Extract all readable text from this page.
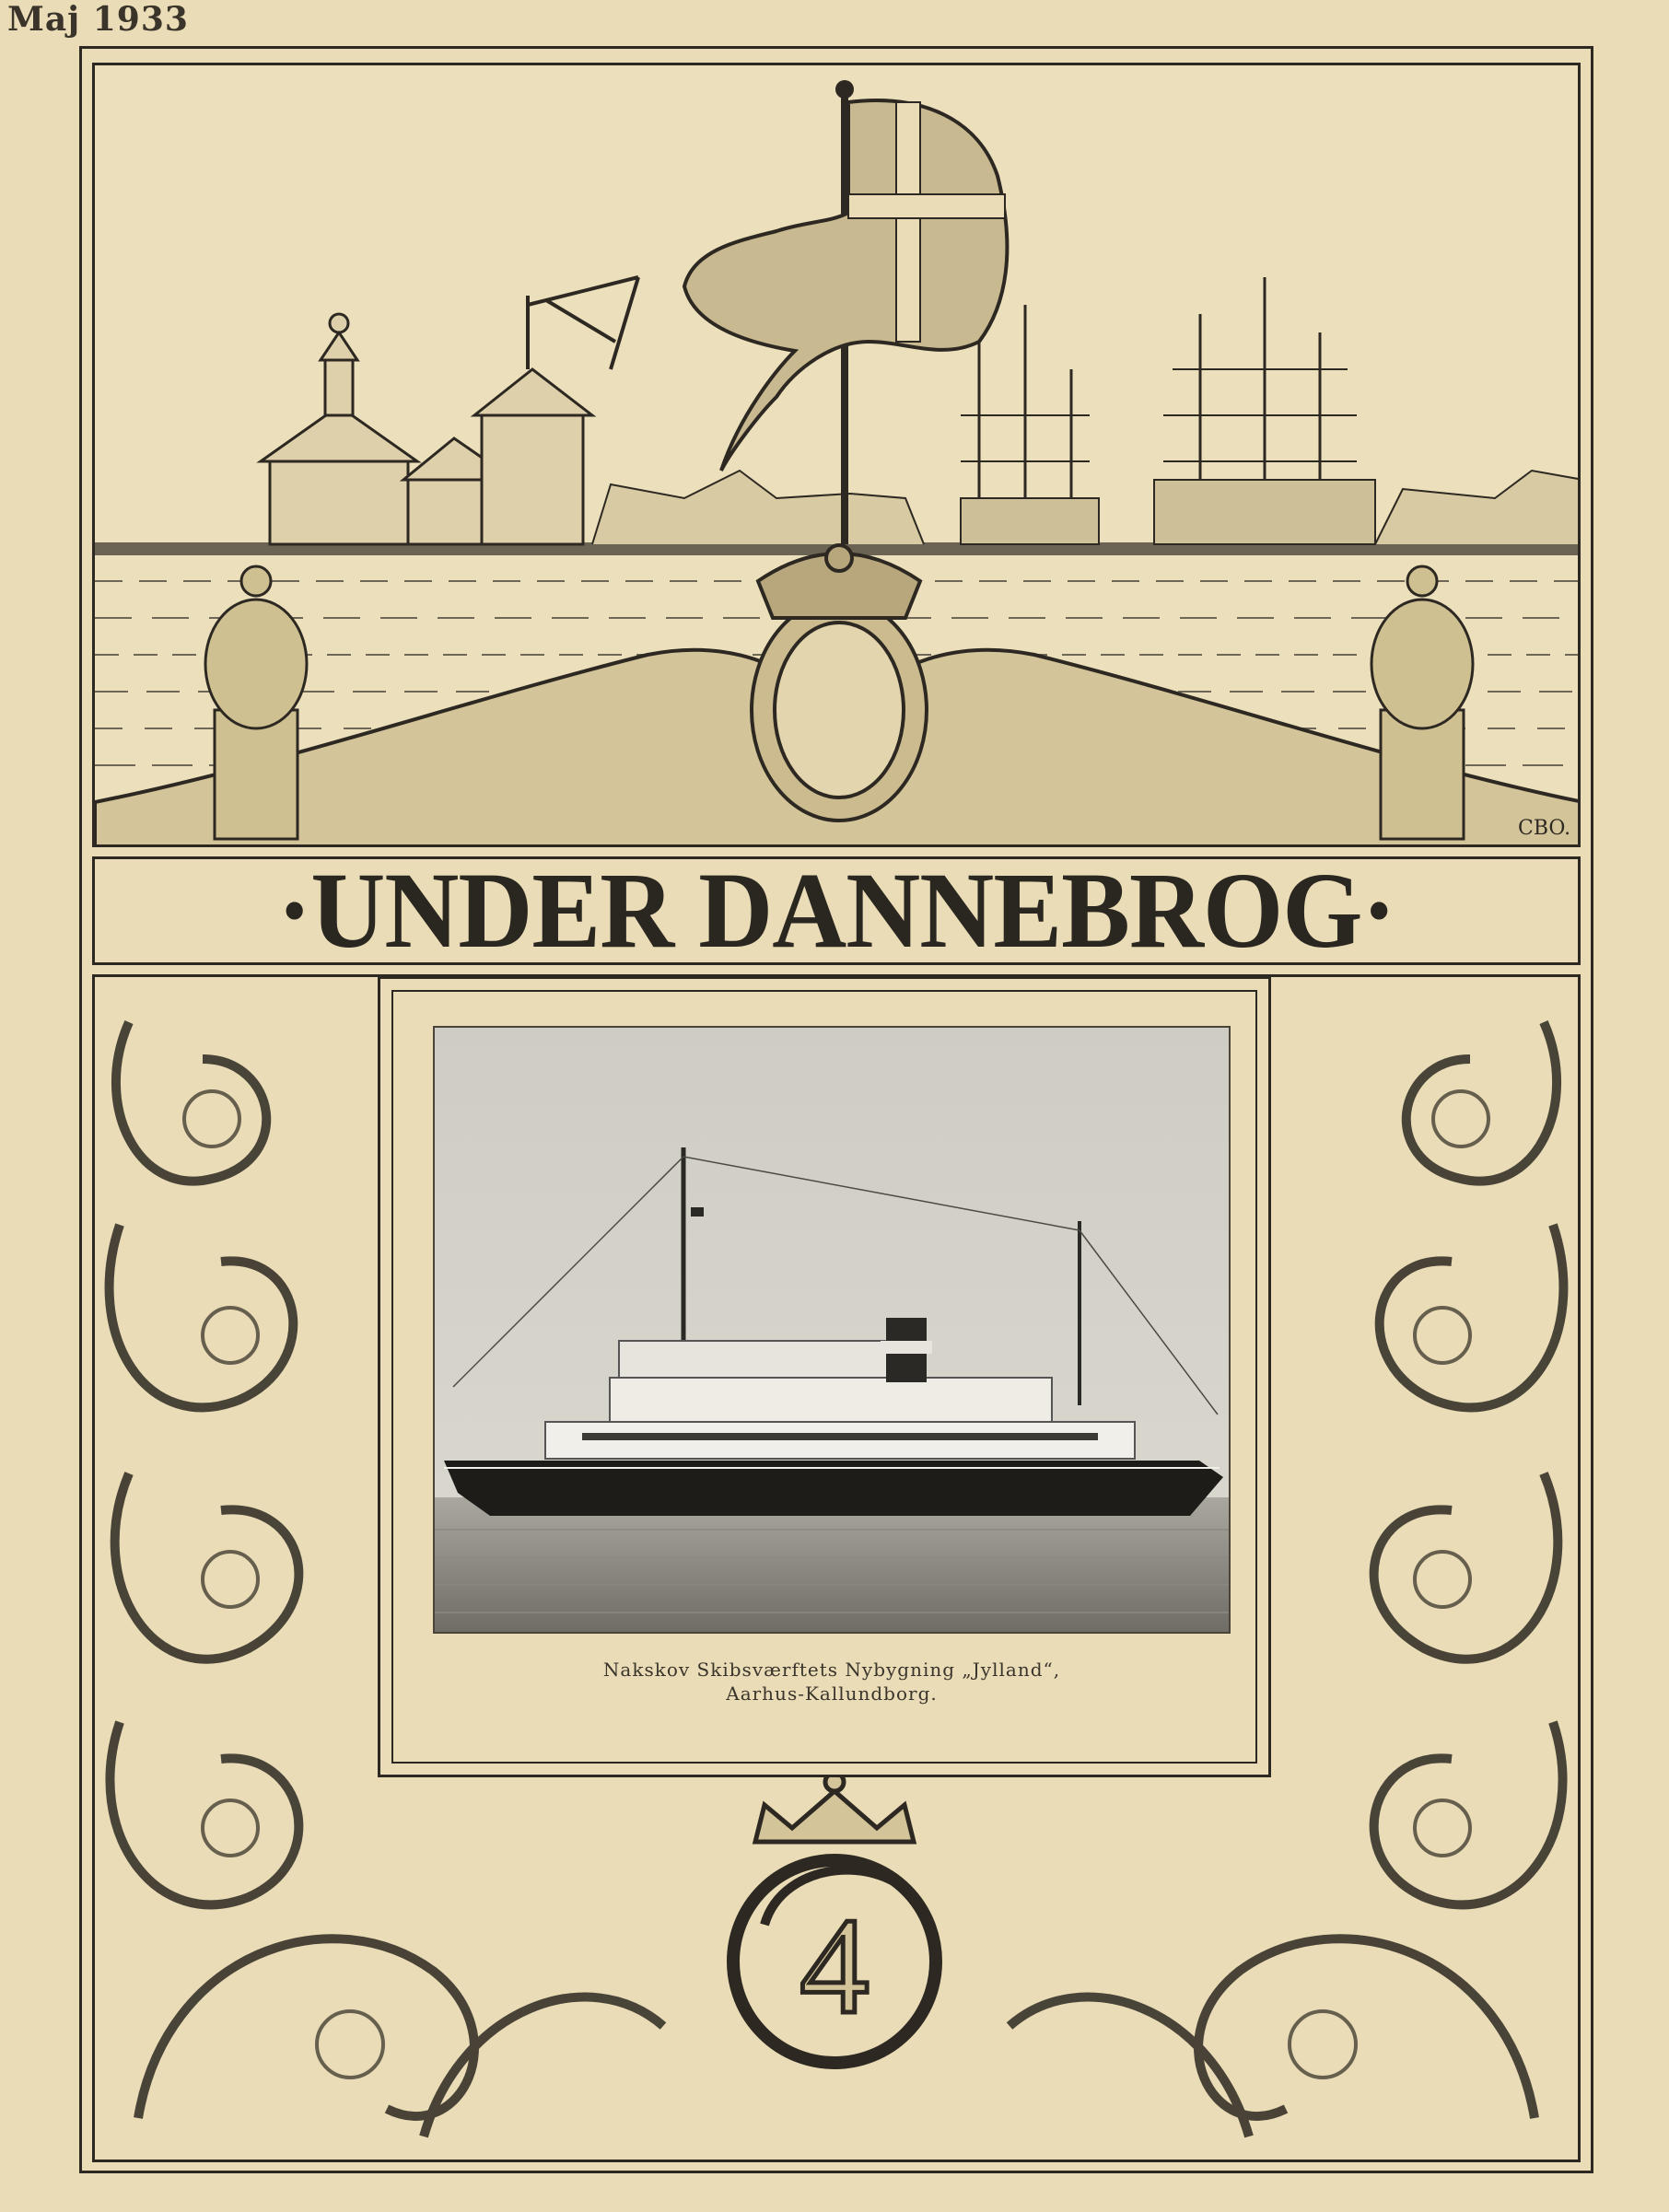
Maj 1933
CBO.
·UNDER DANNEBROG·
4
Nakskov Skibsværftets Nybygning „Jylland“,
Aarhus-Kallundborg.
